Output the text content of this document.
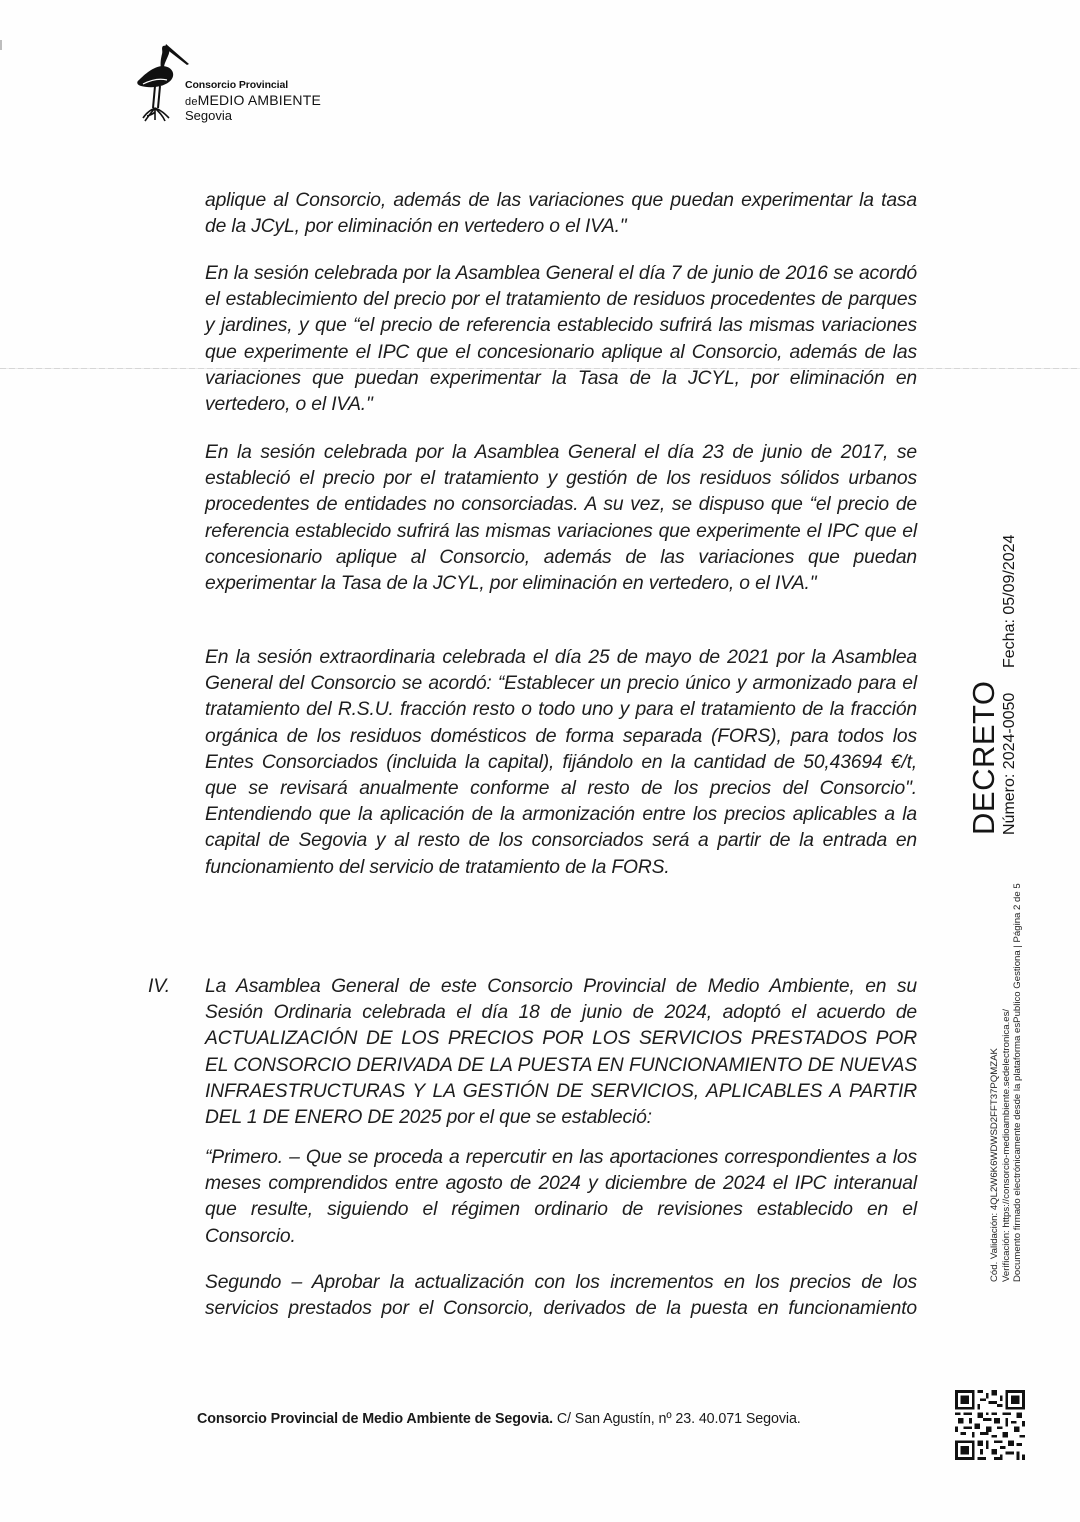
Consorcio Provincial
deMEDIO AMBIENTE
Segovia

aplique al Consorcio, además de las variaciones que puedan experimentar la tasa de la JCyL, por eliminación en vertedero o el IVA."

En la sesión celebrada por la Asamblea General el día 7 de junio de 2016 se acordó el establecimiento del precio por el tratamiento de residuos procedentes de parques y jardines, y que “el precio de referencia establecido sufrirá las mismas variaciones que experimente el IPC que el concesionario aplique al Consorcio, además de las variaciones que puedan experimentar la Tasa de la JCYL, por eliminación en vertedero, o el IVA."

En la sesión celebrada por la Asamblea General el día 23 de junio de 2017, se estableció el precio por el tratamiento y gestión de los residuos sólidos urbanos procedentes de entidades no consorciadas. A su vez, se dispuso que “el precio de referencia establecido sufrirá las mismas variaciones que experimente el IPC que el concesionario aplique al Consorcio, además de las variaciones que puedan experimentar la Tasa de la JCYL, por eliminación en vertedero, o el IVA."

En la sesión extraordinaria celebrada el día 25 de mayo de 2021 por la Asamblea General del Consorcio se acordó: “Establecer un precio único y armonizado para el tratamiento del R.S.U. fracción resto o todo uno y para el tratamiento de la fracción orgánica de los residuos domésticos de forma separada (FORS), para todos los Entes Consorciados (incluida la capital), fijándolo en la cantidad de 50,43694 €/t, que se revisará anualmente conforme al resto de los precios del Consorcio". Entendiendo que la aplicación de la armonización entre los precios aplicables a la capital de Segovia y al resto de los consorciados será a partir de la entrada en funcionamiento del servicio de tratamiento de la FORS.

IV. La Asamblea General de este Consorcio Provincial de Medio Ambiente, en su Sesión Ordinaria celebrada el día 18 de junio de 2024, adoptó el acuerdo de ACTUALIZACIÓN DE LOS PRECIOS POR LOS SERVICIOS PRESTADOS POR EL CONSORCIO DERIVADA DE LA PUESTA EN FUNCIONAMIENTO DE NUEVAS INFRAESTRUCTURAS Y LA GESTIÓN DE SERVICIOS, APLICABLES A PARTIR DEL 1 DE ENERO DE 2025 por el que se estableció:

“Primero. – Que se proceda a repercutir en las aportaciones correspondientes a los meses comprendidos entre agosto de 2024 y diciembre de 2024 el IPC interanual que resulte, siguiendo el régimen ordinario de revisiones establecido en el Consorcio.

Segundo – Aprobar la actualización con los incrementos en los precios de los servicios prestados por el Consorcio, derivados de la puesta en funcionamiento

DECRETO Número: 2024-0050
Fecha: 05/09/2024
Cód. Validación: 4QL2W6K6WDWSD2FFT37PQMZAK Verificación: https://consorcio-medioambiente.sedelectronica.es/ Documento firmado electrónicamente desde la plataforma esPublico Gestiona | Página 2 de 5
Consorcio Provincial de Medio Ambiente de Segovia. C/ San Agustín, nº 23. 40.071 Segovia.
